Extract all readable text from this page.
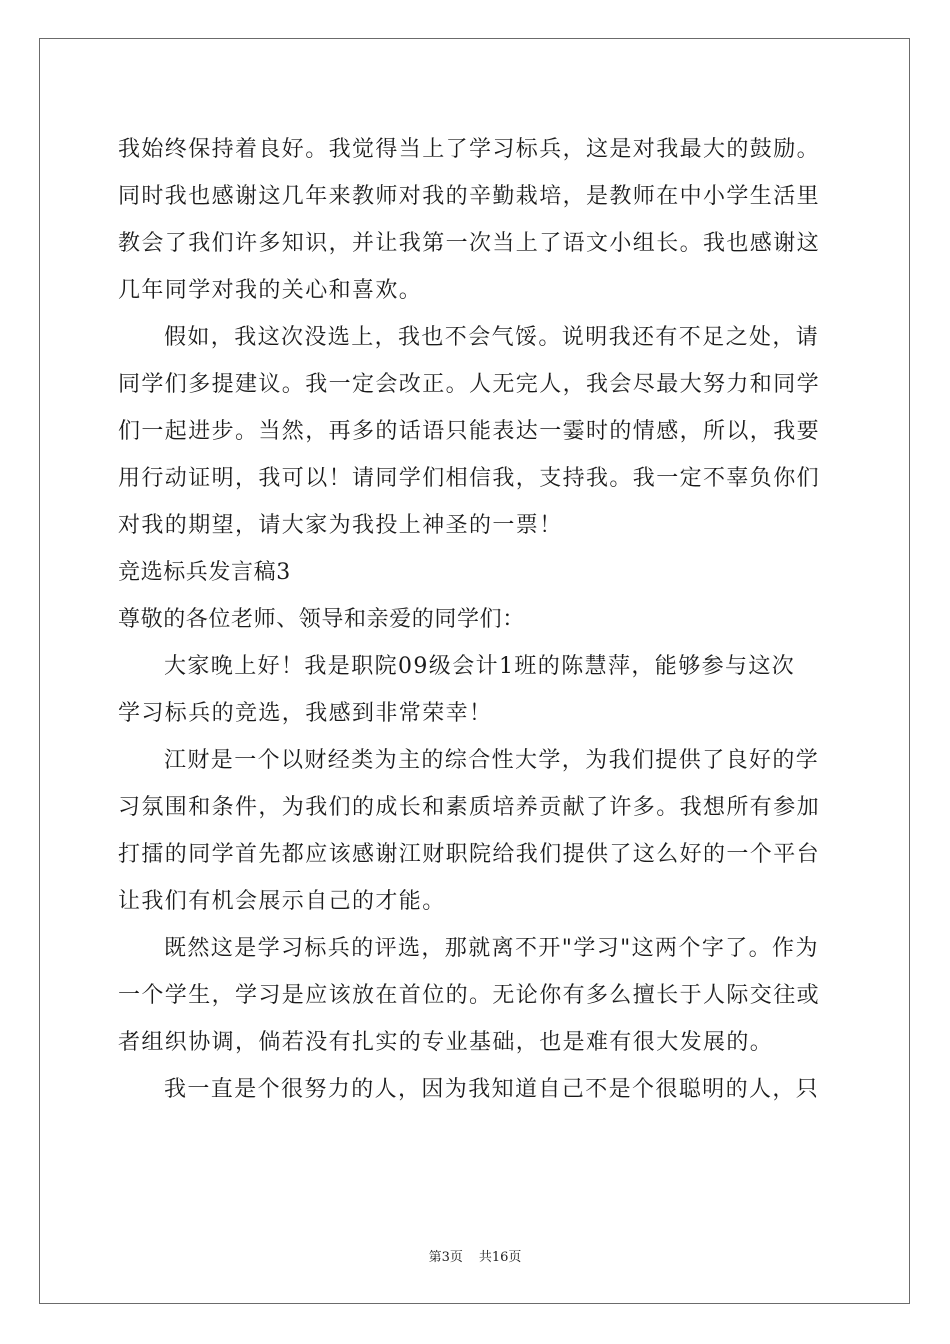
我始终保持着良好。我觉得当上了学习标兵，这是对我最大的鼓励。
同时我也感谢这几年来教师对我的辛勤栽培，是教师在中小学生活里
教会了我们许多知识，并让我第一次当上了语文小组长。我也感谢这
几年同学对我的关心和喜欢。
假如，我这次没选上，我也不会气馁。说明我还有不足之处，请
同学们多提建议。我一定会改正。人无完人，我会尽最大努力和同学
们一起进步。当然，再多的话语只能表达一霎时的情感，所以，我要
用行动证明，我可以！请同学们相信我，支持我。我一定不辜负你们
对我的期望，请大家为我投上神圣的一票！
竞选标兵发言稿3
尊敬的各位老师、领导和亲爱的同学们：
大家晚上好！我是职院09级会计1班的陈慧萍，能够参与这次
学习标兵的竞选，我感到非常荣幸！
江财是一个以财经类为主的综合性大学，为我们提供了良好的学
习氛围和条件，为我们的成长和素质培养贡献了许多。我想所有参加
打擂的同学首先都应该感谢江财职院给我们提供了这么好的一个平台
让我们有机会展示自己的才能。
既然这是学习标兵的评选，那就离不开"学习"这两个字了。作为
一个学生，学习是应该放在首位的。无论你有多么擅长于人际交往或
者组织协调，倘若没有扎实的专业基础，也是难有很大发展的。
我一直是个很努力的人，因为我知道自己不是个很聪明的人，只
第3页 共16页
